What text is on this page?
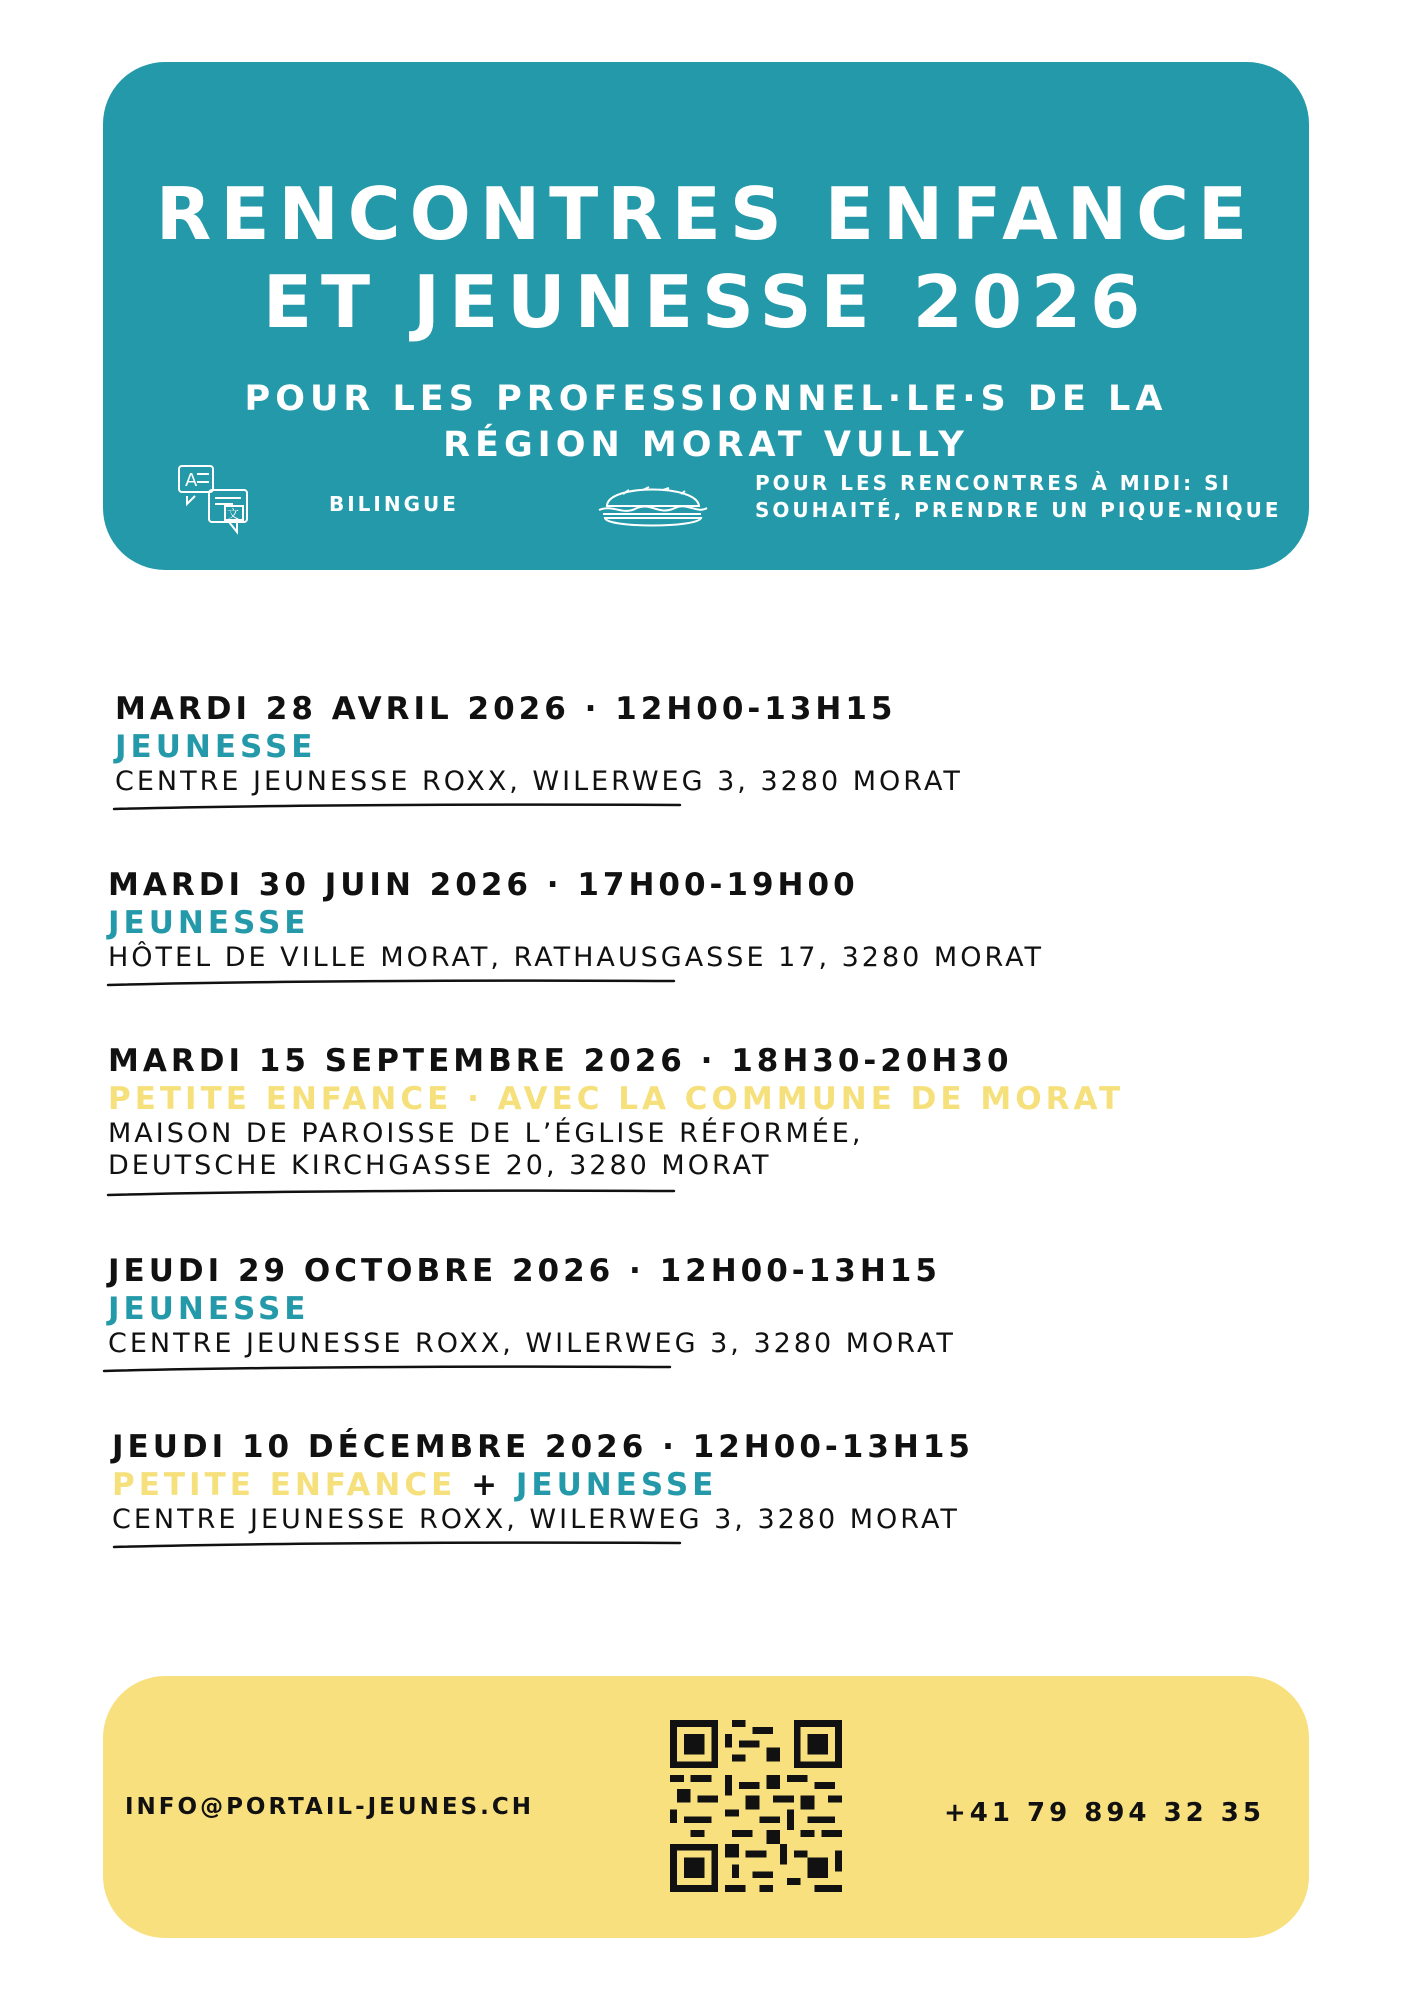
RENCONTRES ENFANCE
ET JEUNESSE 2026
POUR LES PROFESSIONNEL·LE·S DE LA
RÉGION MORAT VULLY
A
文	BILINGUE
POUR LES RENCONTRES À MIDI: SI
SOUHAITÉ, PRENDRE UN PIQUE-NIQUE
MARDI 28 AVRIL 2026 · 12H00-13H15
JEUNESSE
CENTRE JEUNESSE ROXX, WILERWEG 3, 3280 MORAT
MARDI 30 JUIN 2026 · 17H00-19H00
JEUNESSE
HÔTEL DE VILLE MORAT, RATHAUSGASSE 17, 3280 MORAT
MARDI 15 SEPTEMBRE 2026 · 18H30-20H30
PETITE ENFANCE · AVEC LA COMMUNE DE MORAT
MAISON DE PAROISSE DE L’ÉGLISE RÉFORMÉE,
DEUTSCHE KIRCHGASSE 20, 3280 MORAT
JEUDI 29 OCTOBRE 2026 · 12H00-13H15
JEUNESSE
CENTRE JEUNESSE ROXX, WILERWEG 3, 3280 MORAT
JEUDI 10 DÉCEMBRE 2026 · 12H00-13H15
PETITE ENFANCE + JEUNESSE
CENTRE JEUNESSE ROXX, WILERWEG 3, 3280 MORAT
INFO@PORTAIL-JEUNES.CH	+41 79 894 32 35
